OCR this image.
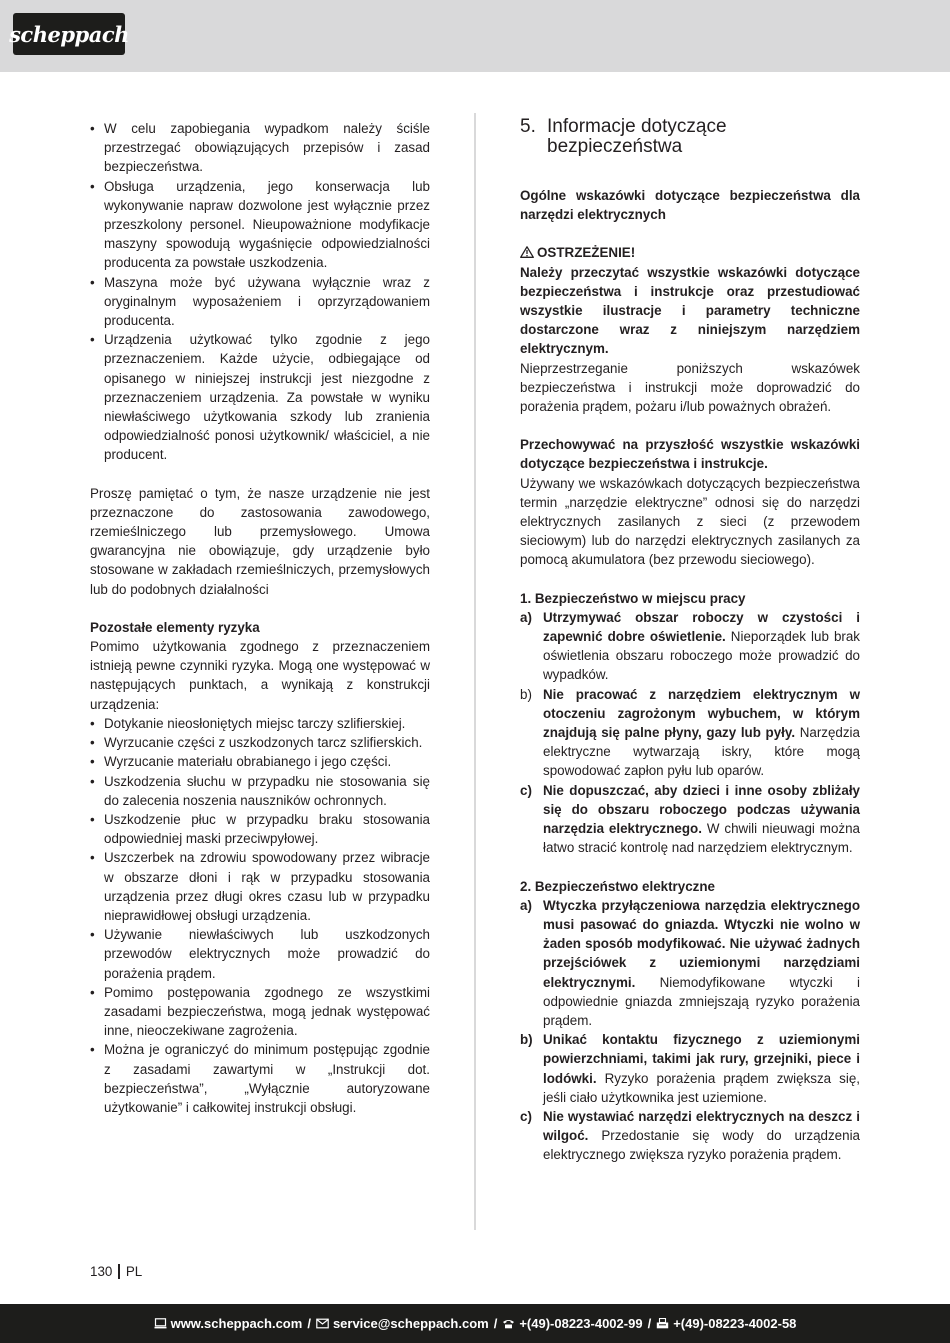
scheppach
• W celu zapobiegania wypadkom należy ściśle przestrzegać obowiązujących przepisów i zasad bezpieczeństwa.
• Obsługa urządzenia, jego konserwacja lub wykonywanie napraw dozwolone jest wyłącznie przez przeszkolony personel. Nieupoważnione modyfikacje maszyny spowodują wygaśnięcie odpowiedzialności producenta za powstałe uszkodzenia.
• Maszyna może być używana wyłącznie wraz z oryginalnym wyposażeniem i oprzyrządowaniem producenta.
• Urządzenia użytkować tylko zgodnie z jego przeznaczeniem. Każde użycie, odbiegające od opisanego w niniejszej instrukcji jest niezgodne z przeznaczeniem urządzenia. Za powstałe w wyniku niewłaściwego użytkowania szkody lub zranienia odpowiedzialność ponosi użytkownik/ właściciel, a nie producent.

Proszę pamiętać o tym, że nasze urządzenie nie jest przeznaczone do zastosowania zawodowego, rzemieślniczego lub przemysłowego. Umowa gwarancyjna nie obowiązuje, gdy urządzenie było stosowane w zakładach rzemieślniczych, przemysłowych lub do podobnych działalności

Pozostałe elementy ryzyka

Pomimo użytkowania zgodnego z przeznaczeniem istnieją pewne czynniki ryzyka. Mogą one występować w następujących punktach, a wynikają z konstrukcji urządzenia:

• Dotykanie nieosłoniętych miejsc tarczy szlifierskiej.
• Wyrzucanie części z uszkodzonych tarcz szlifierskich.
• Wyrzucanie materiału obrabianego i jego części.
• Uszkodzenia słuchu w przypadku nie stosowania się do zalecenia noszenia nauszników ochronnych.
• Uszkodzenie płuc w przypadku braku stosowania odpowiedniej maski przeciwpyłowej.
• Uszczerbek na zdrowiu spowodowany przez wibracje w obszarze dłoni i rąk w przypadku stosowania urządzenia przez długi okres czasu lub w przypadku nieprawidłowej obsługi urządzenia.
• Używanie niewłaściwych lub uszkodzonych przewodów elektrycznych może prowadzić do porażenia prądem.
• Pomimo postępowania zgodnego ze wszystkimi zasadami bezpieczeństwa, mogą jednak występować inne, nieoczekiwane zagrożenia.
• Można je ograniczyć do minimum postępując zgodnie z zasadami zawartymi w „Instrukcji dot. bezpieczeństwa”, „Wyłącznie autoryzowane użytkowanie” i całkowitej instrukcji obsługi.
5. Informacje dotyczące bezpieczeństwa

Ogólne wskazówki dotyczące bezpieczeństwa dla narzędzi elektrycznych

OSTRZEŻENIE!

Należy przeczytać wszystkie wskazówki dotyczące bezpieczeństwa i instrukcje oraz przestudiować wszystkie ilustracje i parametry techniczne dostarczone wraz z niniejszym narzędziem elektrycznym.

Nieprzestrzeganie poniższych wskazówek bezpieczeństwa i instrukcji może doprowadzić do porażenia prądem, pożaru i/lub poważnych obrażeń.

Przechowywać na przyszłość wszystkie wskazówki dotyczące bezpieczeństwa i instrukcje.

Używany we wskazówkach dotyczących bezpieczeństwa termin „narzędzie elektryczne” odnosi się do narzędzi elektrycznych zasilanych z sieci (z przewodem sieciowym) lub do narzędzi elektrycznych zasilanych za pomocą akumulatora (bez przewodu sieciowego).

1. Bezpieczeństwo w miejscu pracy

a) Utrzymywać obszar roboczy w czystości i zapewnić dobre oświetlenie. Nieporządek lub brak oświetlenia obszaru roboczego może prowadzić do wypadków.
b) Nie pracować z narzędziem elektrycznym w otoczeniu zagrożonym wybuchem, w którym znajdują się palne płyny, gazy lub pyły. Narzędzia elektryczne wytwarzają iskry, które mogą spowodować zapłon pyłu lub oparów.
c) Nie dopuszczać, aby dzieci i inne osoby zbliżały się do obszaru roboczego podczas używania narzędzia elektrycznego. W chwili nieuwagi można łatwo stracić kontrolę nad narzędziem elektrycznym.

2. Bezpieczeństwo elektryczne

a) Wtyczka przyłączeniowa narzędzia elektrycznego musi pasować do gniazda. Wtyczki nie wolno w żaden sposób modyfikować. Nie używać żadnych przejściówek z uziemionymi narzędziami elektrycznymi. Niemodyfikowane wtyczki i odpowiednie gniazda zmniejszają ryzyko porażenia prądem.
b) Unikać kontaktu fizycznego z uziemionymi powierzchniami, takimi jak rury, grzejniki, piece i lodówki. Ryzyko porażenia prądem zwiększa się, jeśli ciało użytkownika jest uziemione.
c) Nie wystawiać narzędzi elektrycznych na deszcz i wilgoć. Przedostanie się wody do urządzenia elektrycznego zwiększa ryzyko porażenia prądem.
130 PL
www.scheppach.com / service@scheppach.com / +(49)-08223-4002-99 / +(49)-08223-4002-58
